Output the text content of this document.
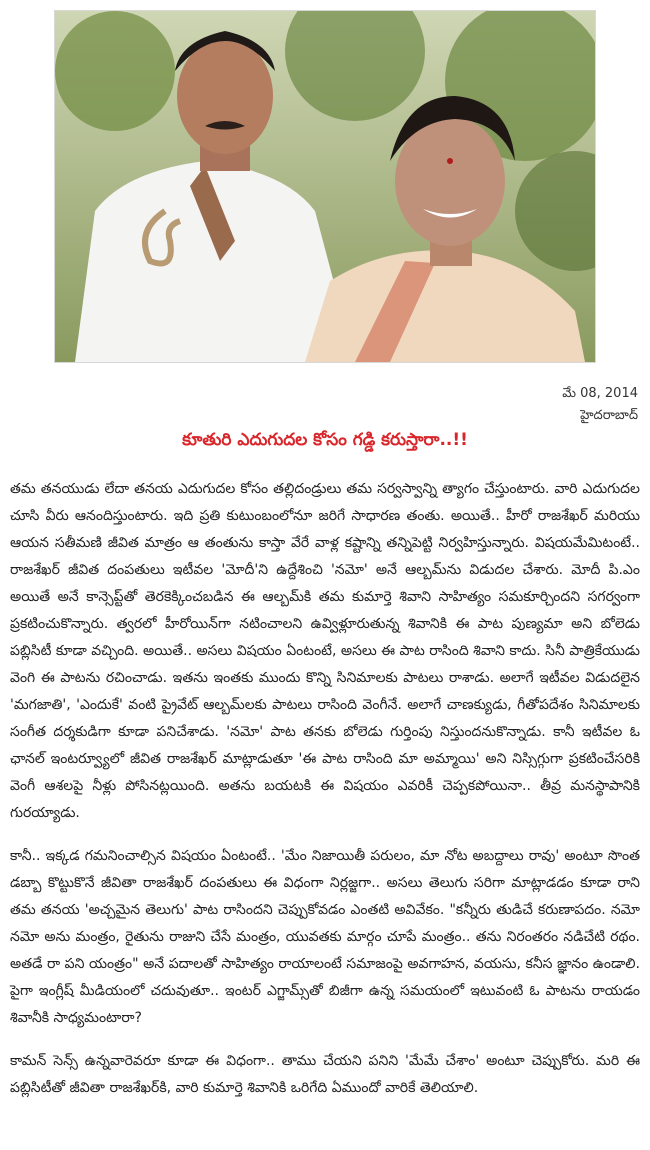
మే 08, 2014
హైదరాబాద్
కూతురి ఎదుగుదల కోసం గడ్డి కరుస్తారా..!!

తమ తనయుడు లేదా తనయ ఎదుగుదల కోసం తల్లిదండ్రులు తమ సర్వస్వాన్ని త్యాగం చేస్తుంటారు. వారి ఎదుగుదల చూసి వీరు ఆనందిస్తుంటారు. ఇది ప్రతి కుటుంబంలోనూ జరిగే సాధారణ తంతు. అయితే.. హీరో రాజశేఖర్ మరియు ఆయన సతీమణి జీవిత మాత్రం ఆ తంతును కాస్తా వేరే వాళ్ల కష్టాన్ని తన్నిపెట్టి నిర్వహిస్తున్నారు. విషయమేమిటంటే.. రాజశేఖర్ జీవిత దంపతులు ఇటీవల 'మోదీ'ని ఉద్దేశించి 'నమో' అనే ఆల్బమ్‌ను విడుదల చేశారు. మోదీ పి.ఎం అయితే అనే కాన్సెప్ట్‌తో తెరకెక్కించబడిన ఈ ఆల్బమ్‌కి తమ కుమార్తె శివాని సాహిత్యం సమకూర్చిందని సగర్వంగా ప్రకటించుకొన్నారు. త్వరలో హీరోయిన్‌గా నటించాలని ఉవ్విళ్లూరుతున్న శివానికి ఈ పాట పుణ్యమా అని బోలెడు పబ్లిసిటీ కూడా వచ్చింది. అయితే.. అసలు విషయం ఏంటంటే, అసలు ఈ పాట రాసింది శివాని కాదు. సినీ పాత్రికేయుడు వెంగి ఈ పాటను రచించాడు. ఇతను ఇంతకు ముందు కొన్ని సినిమాలకు పాటలు రాశాడు. అలాగే ఇటీవల విడుదలైన 'మగజాతి', 'ఎందుకే' వంటి ప్రైవేట్ ఆల్బమ్‌లకు పాటలు రాసింది వెంగీనే. అలాగే చాణక్యుడు, గీతోపదేశం సినిమాలకు సంగీత దర్శకుడిగా కూడా పనిచేశాడు. 'నమో' పాట తనకు బోలెడు గుర్తింపు నిస్తుందనుకొన్నాడు. కానీ ఇటీవల ఓ ఛానల్ ఇంటర్వ్యూలో జీవిత రాజశేఖర్ మాట్లాడుతూ 'ఈ పాట రాసింది మా అమ్మాయి' అని నిస్సిగ్గుగా ప్రకటించేసరికి వెంగీ ఆశలపై నీళ్లు పోసినట్లయింది. అతను బయటకి ఈ విషయం ఎవరికీ చెప్పకపోయినా.. తీవ్ర మనస్థాపానికి గురయ్యాడు.

కానీ.. ఇక్కడ గమనించాల్సిన విషయం ఏంటంటే.. 'మేం నిజాయితీ పరులం, మా నోట అబద్దాలు రావు' అంటూ సొంత డబ్బా కొట్టుకొనే జీవితా రాజశేఖర్ దంపతులు ఈ విధంగా నిర్లజ్జగా.. అసలు తెలుగు సరిగా మాట్లాడడం కూడా రాని తమ తనయ 'అచ్చమైన తెలుగు' పాట రాసిందని చెప్పుకోవడం ఎంతటి అవివేకం. "కన్నీరు తుడిచే కరుణాపదం. నమో నమో అను మంత్రం, రైతును రాజుని చేసే మంత్రం, యువతకు మార్గం చూపే మంత్రం.. తను నిరంతరం నడిచేటి రథం. అతడే రా పని యంత్రం" అనే పదాలతో సాహిత్యం రాయాలంటే సమాజంపై అవగాహన, వయసు, కనీస జ్ఞానం ఉండాలి. పైగా ఇంగ్లీష్ మీడియంలో చదువుతూ.. ఇంటర్ ఎగ్జామ్స్‌తో బిజీగా ఉన్న సమయంలో ఇటువంటి ఓ పాటను రాయడం శివానీకి సాధ్యమంటారా?

కామన్ సెన్స్ ఉన్నవారెవరూ కూడా ఈ విధంగా.. తాము చేయని పనిని 'మేమే చేశాం' అంటూ చెప్పుకోరు. మరి ఈ పబ్లిసిటీతో జీవితా రాజశేఖర్‌కి, వారి కుమార్తె శివానికి ఒరిగేది ఏముందో వారికే తెలియాలి.
